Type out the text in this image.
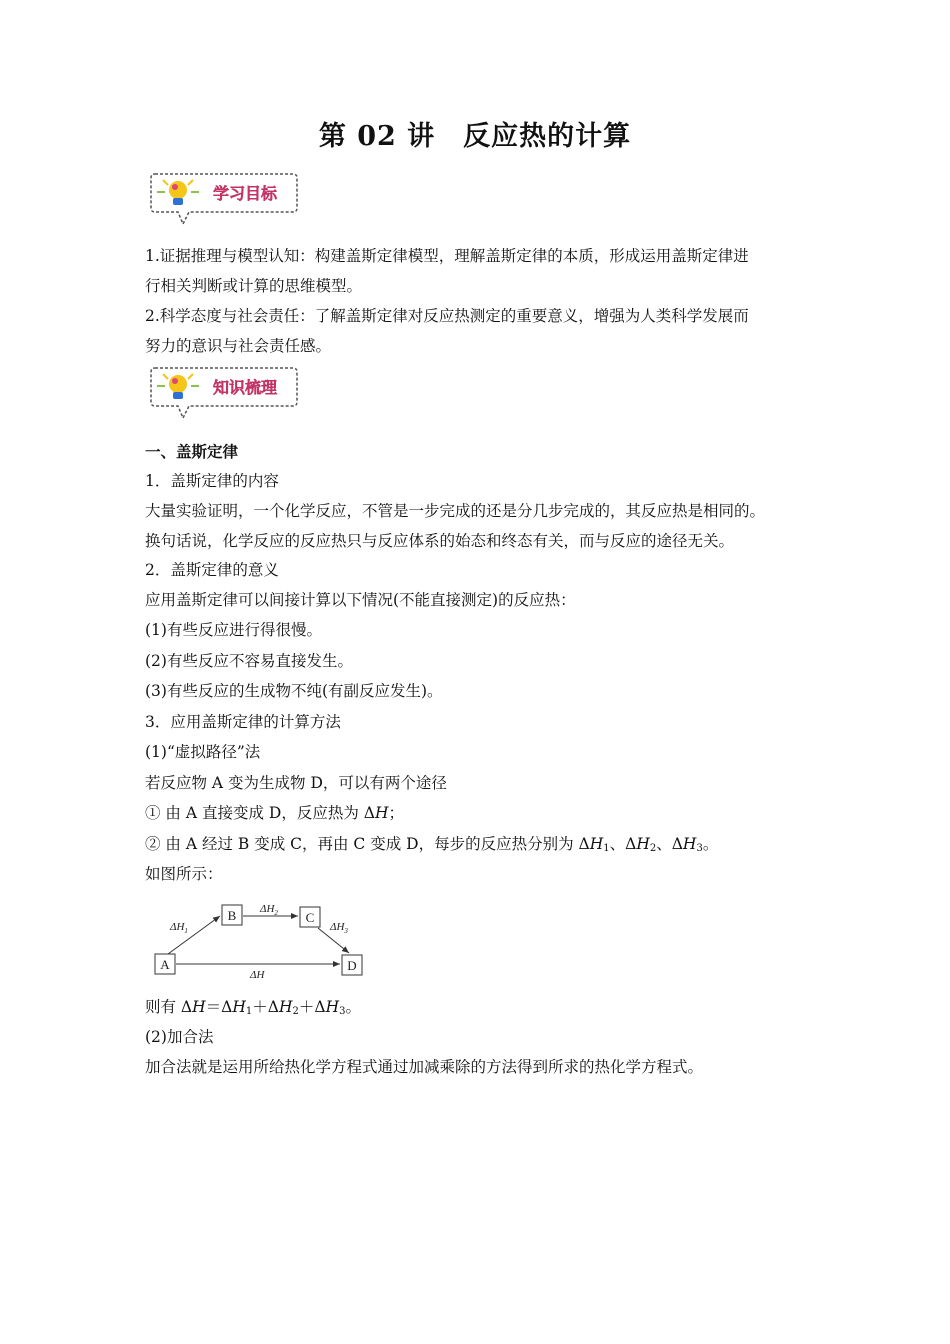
第 02 讲　反应热的计算
学习目标
1.证据推理与模型认知：构建盖斯定律模型，理解盖斯定律的本质，形成运用盖斯定律进
行相关判断或计算的思维模型。
2.科学态度与社会责任：了解盖斯定律对反应热测定的重要意义，增强为人类科学发展而
努力的意识与社会责任感。
知识梳理
一、盖斯定律
1．盖斯定律的内容
大量实验证明，一个化学反应，不管是一步完成的还是分几步完成的，其反应热是相同的。
换句话说，化学反应的反应热只与反应体系的始态和终态有关，而与反应的途径无关。
2．盖斯定律的意义
应用盖斯定律可以间接计算以下情况(不能直接测定)的反应热：
(1)有些反应进行得很慢。
(2)有些反应不容易直接发生。
(3)有些反应的生成物不纯(有副反应发生)。
3．应用盖斯定律的计算方法
(1)“虚拟路径”法
若反应物 A 变为生成物 D，可以有两个途径
① 由 A 直接变成 D，反应热为 ΔH；
② 由 A 经过 B 变成 C，再由 C 变成 D，每步的反应热分别为 $\Delta H_1$、$\Delta H_2$、$\Delta H_3$。
如图所示：
A
B	C
D
$\Delta H_1$
$\Delta H_2$
$\Delta H_3$
ΔH
则有 $\Delta H=\Delta H_1+\Delta H_2+\Delta H_3$。
(2)加合法
加合法就是运用所给热化学方程式通过加减乘除的方法得到所求的热化学方程式。
